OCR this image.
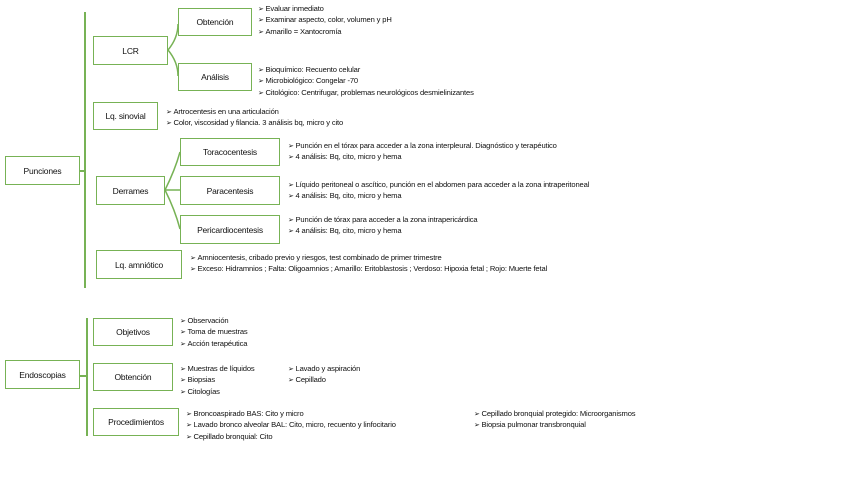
Punciones
LCR
Obtención
➢ Evaluar inmediato
➢ Examinar aspecto, color, volumen y pH
➢ Amarillo = Xantocromía
Análisis
➢ Bioquímico: Recuento celular
➢ Microbiológico: Congelar -70
➢ Citológico: Centrifugar, problemas neurológicos desmielinizantes
Lq. sinovial
➢	Artrocentesis en una articulación
➢ Color, viscosidad y filancia. 3 análisis bq, micro y cito
Derrames
Toracocentesis
➢ Punción en el tórax para acceder a la zona interpleural. Diagnóstico y terapéutico
➢ 4 análisis: Bq, cito, micro y hema
Paracentesis
➢ Líquido peritoneal o ascítico, punción en el abdomen para acceder a la zona intraperitoneal
➢ 4 análisis: Bq, cito, micro y hema
Pericardiocentesis
➢ Punción de tórax para acceder a la zona intrapericárdica
➢ 4 análisis: Bq, cito, micro y hema
Lq. amniótico
➢ Amniocentesis, cribado previo y riesgos, test combinado de primer trimestre
➢ Exceso: Hidramnios ; Falta: Oligoamnios ; Amarillo: Eritoblastosis ; Verdoso: Hipoxia fetal ; Rojo: Muerte fetal
Endoscopias
Objetivos
➢ Observación
➢ Toma de muestras
➢ Acción terapéutica
Obtención
➢ Muestras de líquidos
➢ Biopsias
➢ Citologías
➢ Lavado y aspiración
➢ Cepillado
Procedimientos
➢ Broncoaspirado BAS: Cito y micro
➢ Lavado bronco alveolar BAL: Cito, micro, recuento y linfocitario
➢ Cepillado bronquial: Cito
➢ Cepillado bronquial protegido: Microorganismos
➢ Biopsia pulmonar transbronquial
